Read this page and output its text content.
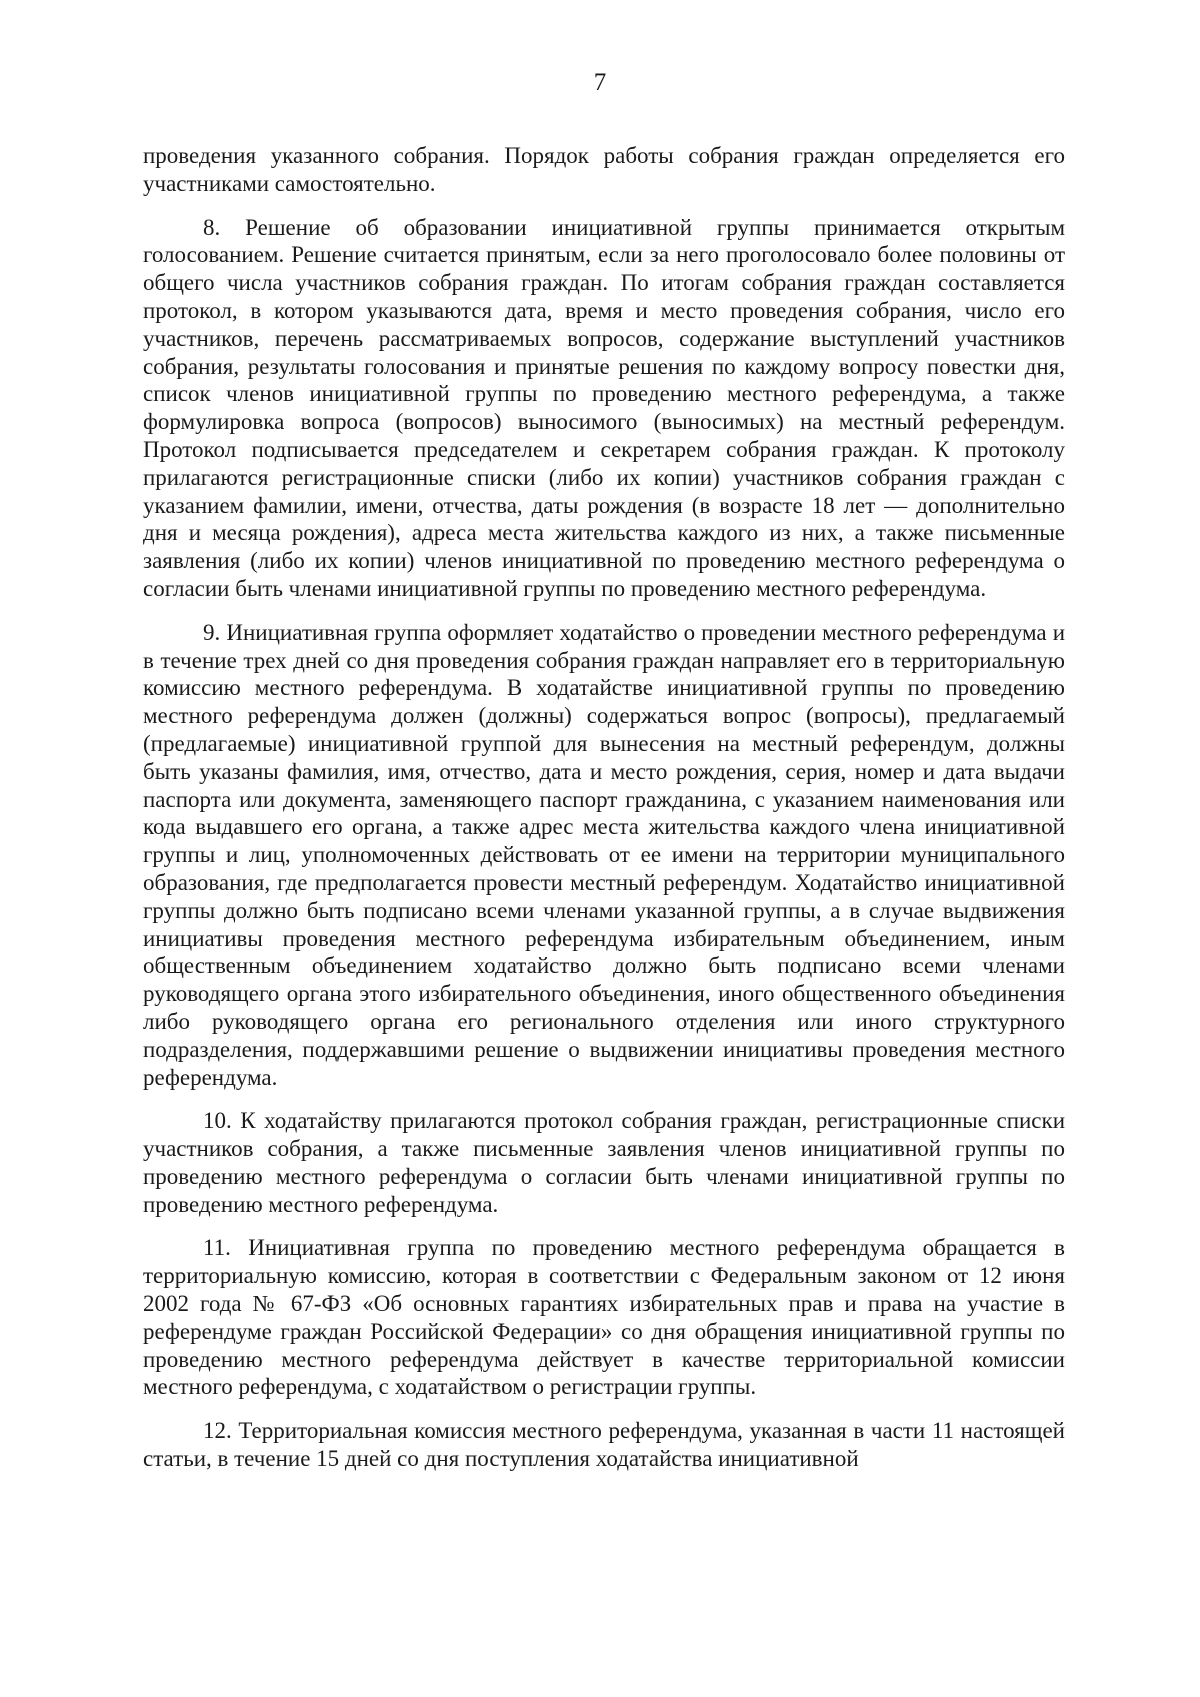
7

проведения указанного собрания. Порядок работы собрания граждан определяется его участниками самостоятельно.

8. Решение об образовании инициативной группы принимается открытым голосованием. Решение считается принятым, если за него проголосовало более половины от общего числа участников собрания граждан. По итогам собрания граждан составляется протокол, в котором указываются дата, время и место проведения собрания, число его участников, перечень рассматриваемых вопросов, содержание выступлений участников собрания, результаты голосования и принятые решения по каждому вопросу повестки дня, список членов инициативной группы по проведению местного референдума, а также формулировка вопроса (вопросов) выносимого (выносимых) на местный референдум. Протокол подписывается председателем и секретарем собрания граждан. К протоколу прилагаются регистрационные списки (либо их копии) участников собрания граждан с указанием фамилии, имени, отчества, даты рождения (в возрасте 18 лет — дополнительно дня и месяца рождения), адреса места жительства каждого из них, а также письменные заявления (либо их копии) членов инициативной по проведению местного референдума о согласии быть членами инициативной группы по проведению местного референдума.

9. Инициативная группа оформляет ходатайство о проведении местного референдума и в течение трех дней со дня проведения собрания граждан направляет его в территориальную комиссию местного референдума. В ходатайстве инициативной группы по проведению местного референдума должен (должны) содержаться вопрос (вопросы), предлагаемый (предлагаемые) инициативной группой для вынесения на местный референдум, должны быть указаны фамилия, имя, отчество, дата и место рождения, серия, номер и дата выдачи паспорта или документа, заменяющего паспорт гражданина, с указанием наименования или кода выдавшего его органа, а также адрес места жительства каждого члена инициативной группы и лиц, уполномоченных действовать от ее имени на территории муниципального образования, где предполагается провести местный референдум. Ходатайство инициативной группы должно быть подписано всеми членами указанной группы, а в случае выдвижения инициативы проведения местного референдума избирательным объединением, иным общественным объединением ходатайство должно быть подписано всеми членами руководящего органа этого избирательного объединения, иного общественного объединения либо руководящего органа его регионального отделения или иного структурного подразделения, поддержавшими решение о выдвижении инициативы проведения местного референдума.

10. К ходатайству прилагаются протокол собрания граждан, регистрационные списки участников собрания, а также письменные заявления членов инициативной группы по проведению местного референдума о согласии быть членами инициативной группы по проведению местного референдума.

11. Инициативная группа по проведению местного референдума обращается в территориальную комиссию, которая в соответствии с Федеральным законом от 12 июня 2002 года № 67-ФЗ «Об основных гарантиях избирательных прав и права на участие в референдуме граждан Российской Федерации» со дня обращения инициативной группы по проведению местного референдума действует в качестве территориальной комиссии местного референдума, с ходатайством о регистрации группы.

12. Территориальная комиссия местного референдума, указанная в части 11 настоящей статьи, в течение 15 дней со дня поступления ходатайства инициативной
